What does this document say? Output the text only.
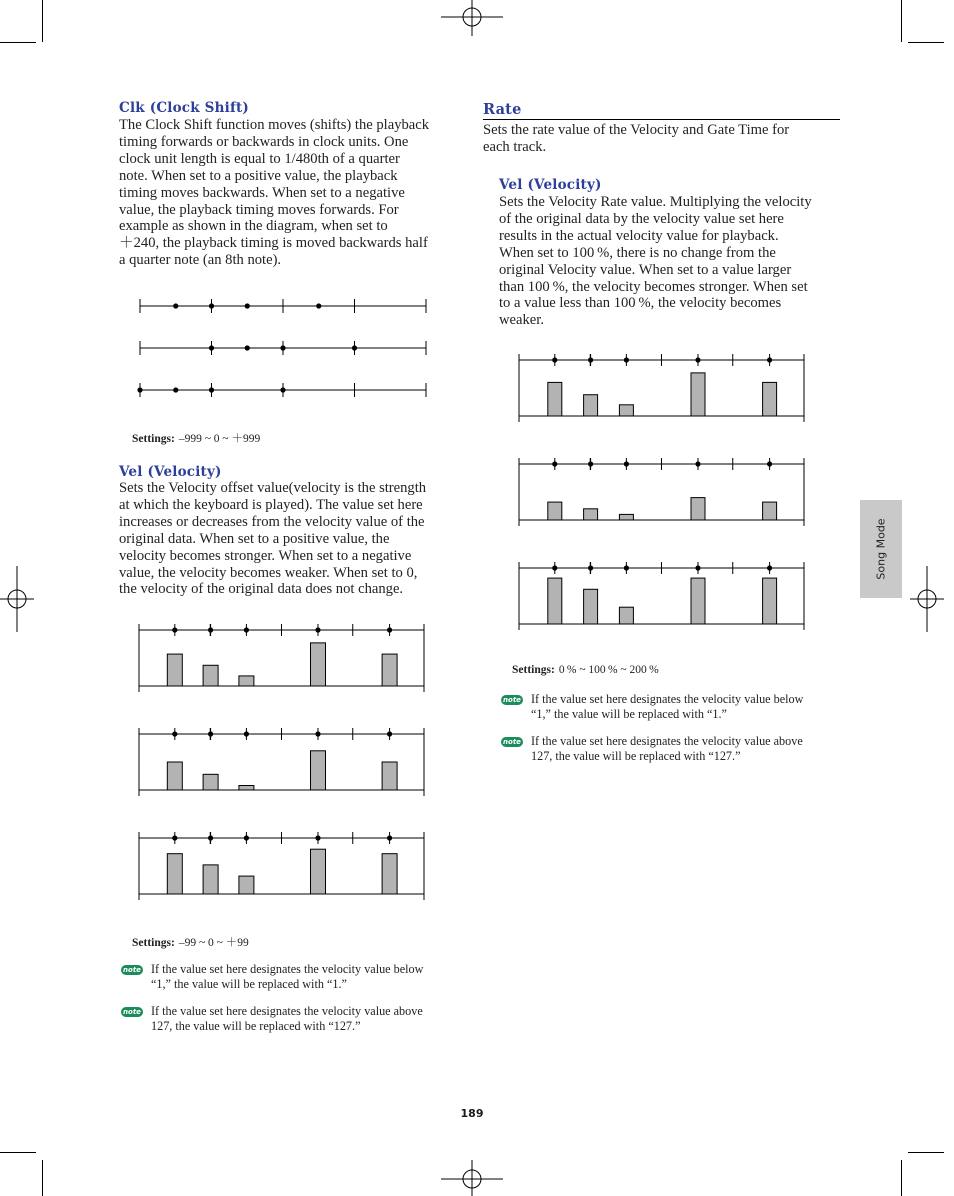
Clk (Clock Shift)
The Clock Shift function moves (shifts) the playback
timing forwards or backwards in clock units. One
clock unit length is equal to 1/480th of a quarter
note. When set to a positive value, the playback
timing moves backwards. When set to a negative
value, the playback timing moves forwards. For
example as shown in the diagram, when set to
＋240, the playback timing is moved backwards half
a quarter note (an 8th note).
Settings: –999 ~ 0 ~ ＋999
Vel (Velocity)
Sets the Velocity offset value(velocity is the strength
at which the keyboard is played). The value set here
increases or decreases from the velocity value of the
original data. When set to a positive value, the
velocity becomes stronger. When set to a negative
value, the velocity becomes weaker. When set to 0,
the velocity of the original data does not change.
Settings: –99 ~ 0 ~ ＋99
note If the value set here designates the velocity value below
“1,” the value will be replaced with “1.”
note If the value set here designates the velocity value above
127, the value will be replaced with “127.”
Rate
Sets the rate value of the Velocity and Gate Time for
each track.
Vel (Velocity)
Sets the Velocity Rate value. Multiplying the velocity
of the original data by the velocity value set here
results in the actual velocity value for playback.
When set to 100 %, there is no change from the
original Velocity value. When set to a value larger
than 100 %, the velocity becomes stronger. When set
to a value less than 100 %, the velocity becomes
weaker.
Settings: 0 % ~ 100 % ~ 200 %
note If the value set here designates the velocity value below
“1,” the value will be replaced with “1.”
note If the value set here designates the velocity value above
127, the value will be replaced with “127.”
Song Mode
189
